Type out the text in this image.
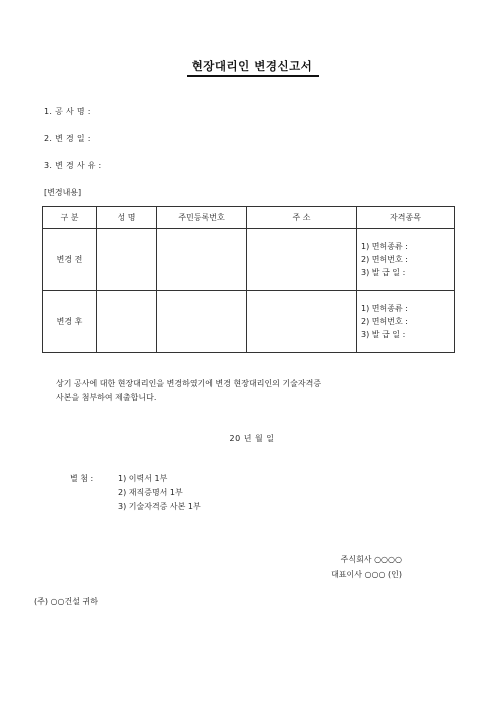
현장대리인 변경신고서
1. 공 사 명 :
2. 변 경 일 :
3. 변 경 사 유 :
[변경내용]
구 분	성 명	주민등록번호	주 소	자격종목
변경 전				1) 면허종류 :
2) 면허번호 :
3) 발 급 일 :

변경 후				1) 면허종류 :
2) 면허번호 :
3) 발 급 일 :
상기 공사에 대한 현장대리인을 변경하였기에 변경 현장대리인의 기술자격증
사본을 첨부하여 제출합니다.
20 년 월 일
별 첨 :	1) 이력서 1부
2) 재직증명서 1부
3) 기술자격증 사본 1부
주식회사 ○○○○
대표이사 ○○○ (인)
(주) ○○건설 귀하
